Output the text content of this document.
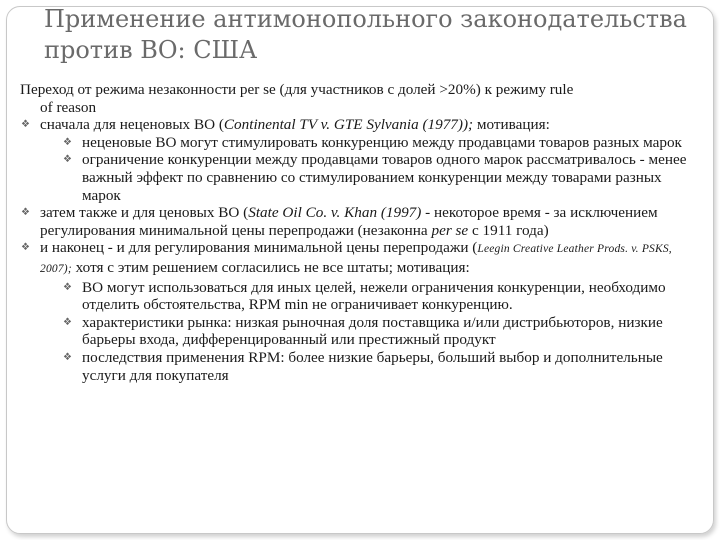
Применение антимонопольного законодательства против ВО: США

Переход от режима незаконности per se (для участников с долей >20%) к режиму rule
of reason

❖ сначала для неценовых ВО (Continental TV v. GTE Sylvania (1977)); мотивация:
❖ неценовые ВО могут стимулировать конкуренцию между продавцами товаров разных марок
❖ ограничение конкуренции между продавцами товаров одного марок рассматривалось - менее важный эффект по сравнению со стимулированием конкуренции между товарами разных марок
❖ затем также и для ценовых ВО (State Oil Co. v. Khan (1997) - некоторое время - за исключением регулирования минимальной цены перепродажи (незаконна per se с 1911 года)
❖ и наконец - и для регулирования минимальной цены перепродажи (Leegin Creative Leather Prods. v. PSKS, 2007); хотя с этим решением согласились не все штаты; мотивация:
❖ ВО могут использоваться для иных целей, нежели ограничения конкуренции, необходимо отделить обстоятельства, RPM min не ограничивает конкуренцию.
❖ характеристики рынка: низкая рыночная доля поставщика и/или дистрибьюторов, низкие барьеры входа, дифференцированный или престижный продукт
❖ последствия применения RPM: более низкие барьеры, больший выбор и дополнительные услуги для покупателя
